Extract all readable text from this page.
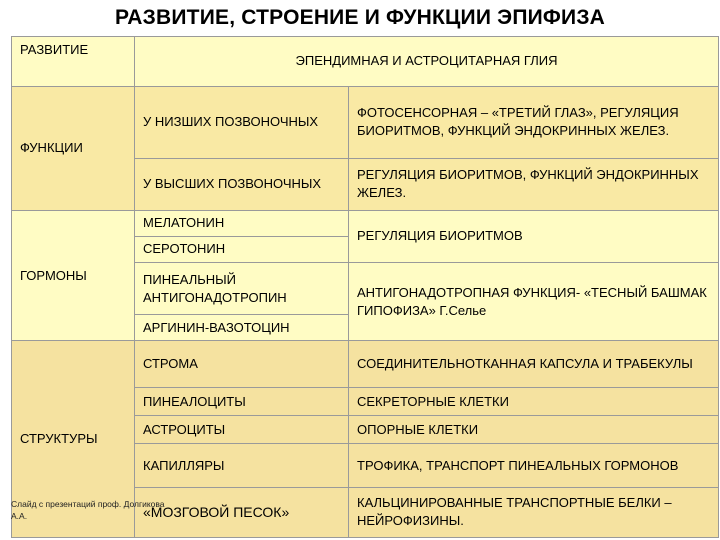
РАЗВИТИЕ, СТРОЕНИЕ И ФУНКЦИИ ЭПИФИЗА
РАЗВИТИЕ	ЭПЕНДИМНАЯ И АСТРОЦИТАРНАЯ ГЛИЯ	
ФУНКЦИИ	У НИЗШИХ ПОЗВОНОЧНЫХ	ФОТОСЕНСОРНАЯ – «ТРЕТИЙ ГЛАЗ», РЕГУЛЯЦИЯ БИОРИТМОВ, ФУНКЦИЙ ЭНДОКРИННЫХ ЖЕЛЕЗ.
	У ВЫСШИХ ПОЗВОНОЧНЫХ	РЕГУЛЯЦИЯ БИОРИТМОВ, ФУНКЦИЙ ЭНДОКРИННЫХ ЖЕЛЕЗ.
ГОРМОНЫ	МЕЛАТОНИН	РЕГУЛЯЦИЯ БИОРИТМОВ
	СЕРОТОНИН	
	ПИНЕАЛЬНЫЙ АНТИГОНАДОТРОПИН	АНТИГОНАДОТРОПНАЯ ФУНКЦИЯ- «ТЕСНЫЙ БАШМАК ГИПОФИЗА» Г.Селье
	АРГИНИН-ВАЗОТОЦИН	
СТРУКТУРЫ	СТРОМА	СОЕДИНИТЕЛЬНОТКАННАЯ КАПСУЛА И ТРАБЕКУЛЫ
	ПИНЕАЛОЦИТЫ	СЕКРЕТОРНЫЕ КЛЕТКИ
	АСТРОЦИТЫ	ОПОРНЫЕ КЛЕТКИ
	КАПИЛЛЯРЫ	ТРОФИКА, ТРАНСПОРТ ПИНЕАЛЬНЫХ ГОРМОНОВ
	«МОЗГОВОЙ ПЕСОК»	КАЛЬЦИНИРОВАННЫЕ ТРАНСПОРТНЫЕ БЕЛКИ – НЕЙРОФИЗИНЫ.
Слайд с презентаций проф. Долгикова А.А.
